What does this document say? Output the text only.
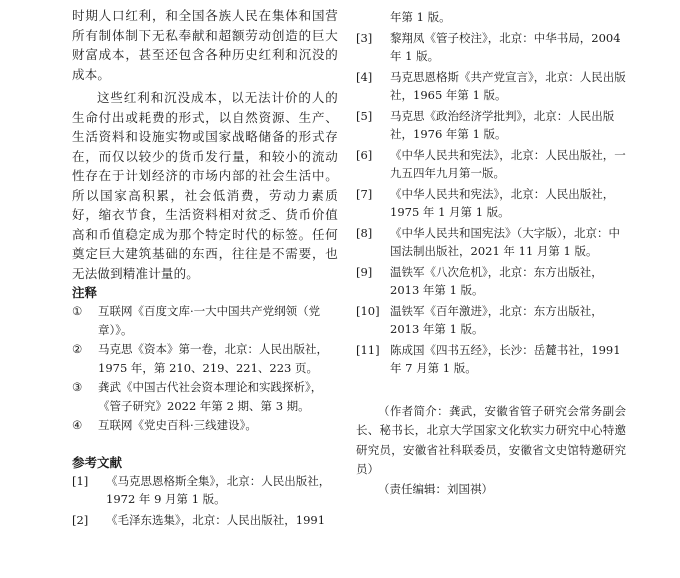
时期人口红利，和全国各族人民在集体和国营所有制体制下无私奉献和超额劳动创造的巨大财富成本，甚至还包含各种历史红利和沉没的成本。

这些红利和沉没成本，以无法计价的人的生命付出或耗费的形式，以自然资源、生产、生活资料和设施实物或国家战略储备的形式存在，而仅以较少的货币发行量，和较小的流动性存在于计划经济的市场内部的社会生活中。所以国家高积累，社会低消费，劳动力素质好，缩衣节食，生活资料相对贫乏、货币价值高和币值稳定成为那个特定时代的标签。任何奠定巨大建筑基础的东西，往往是不需要，也无法做到精准计量的。

注释
① 互联网《百度文库·一大中国共产党纲领（党章）》。
② 马克思《资本》第一卷，北京：人民出版社，1975 年，第 210、219、221、223 页。
③ 龚武《中国古代社会资本理论和实践探析》，《管子研究》2022 年第 2 期、第 3 期。
④ 互联网《党史百科·三线建设》。
参考文献
[1] 《马克思恩格斯全集》，北京：人民出版社，1972 年 9 月第 1 版。
[2] 《毛泽东选集》，北京：人民出版社，1991
年第 1 版。
[3] 黎翔凤《管子校注》，北京：中华书局，2004 年 1 版。
[4] 马克思恩格斯《共产党宣言》，北京：人民出版社，1965 年第 1 版。
[5] 马克思《政治经济学批判》，北京：人民出版社，1976 年第 1 版。
[6] 《中华人民共和宪法》，北京：人民出版社，一九五四年九月第一版。
[7] 《中华人民共和宪法》，北京：人民出版社，1975 年 1 月第 1 版。
[8] 《中华人民共和国宪法》（大字版），北京：中国法制出版社，2021 年 11 月第 1 版。
[9] 温铁军《八次危机》，北京：东方出版社，2013 年第 1 版。
[10] 温铁军《百年激进》，北京：东方出版社，2013 年第 1 版。
[11] 陈成国《四书五经》，长沙：岳麓书社，1991 年 7 月第 1 版。
（作者简介：龚武，安徽省管子研究会常务副会长、秘书长，北京大学国家文化软实力研究中心特邀研究员，安徽省社科联委员，安徽省文史馆特邀研究员）
（责任编辑：刘国祺）
